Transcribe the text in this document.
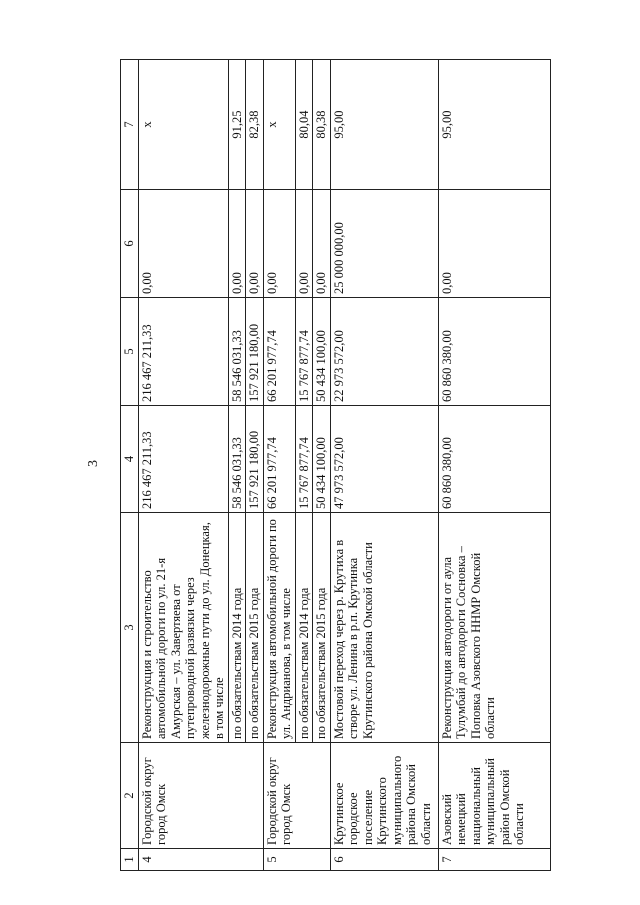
3
1	2	3	4	5	6	7
4	Городской округ город Омск	Реконструкция и строительство автомобильной дороги по ул. 21-я Амурская – ул. Завертяева от путепроводной развязки через железнодорожные пути до ул. Донецкая, в том числе	216 467 211,33	216 467 211,33	0,00	x
		по обязательствам 2014 года	58 546 031,33	58 546 031,33	0,00	91,25
		по обязательствам 2015 года	157 921 180,00	157 921 180,00	0,00	82,38
5	Городской округ город Омск	Реконструкция автомобильной дороги по ул. Андрианова, в том числе	66 201 977,74	66 201 977,74	0,00	x
		по обязательствам 2014 года	15 767 877,74	15 767 877,74	0,00	80,04
		по обязательствам 2015 года	50 434 100,00	50 434 100,00	0,00	80,38
6	Крутинское городское поселение Крутинского муниципального района Омской области	Мостовой переход через р. Крутиха в створе ул. Ленина в р.п. Крутинка Крутинского района Омской области	47 973 572,00	22 973 572,00	25 000 000,00	95,00
7	Азовский немецкий национальный муниципальный район Омской области	Реконструкция автодороги от аула Тулумбай до автодороги Сосновка – Поповка Азовского ННМР Омской области	60 860 380,00	60 860 380,00	0,00	95,00
